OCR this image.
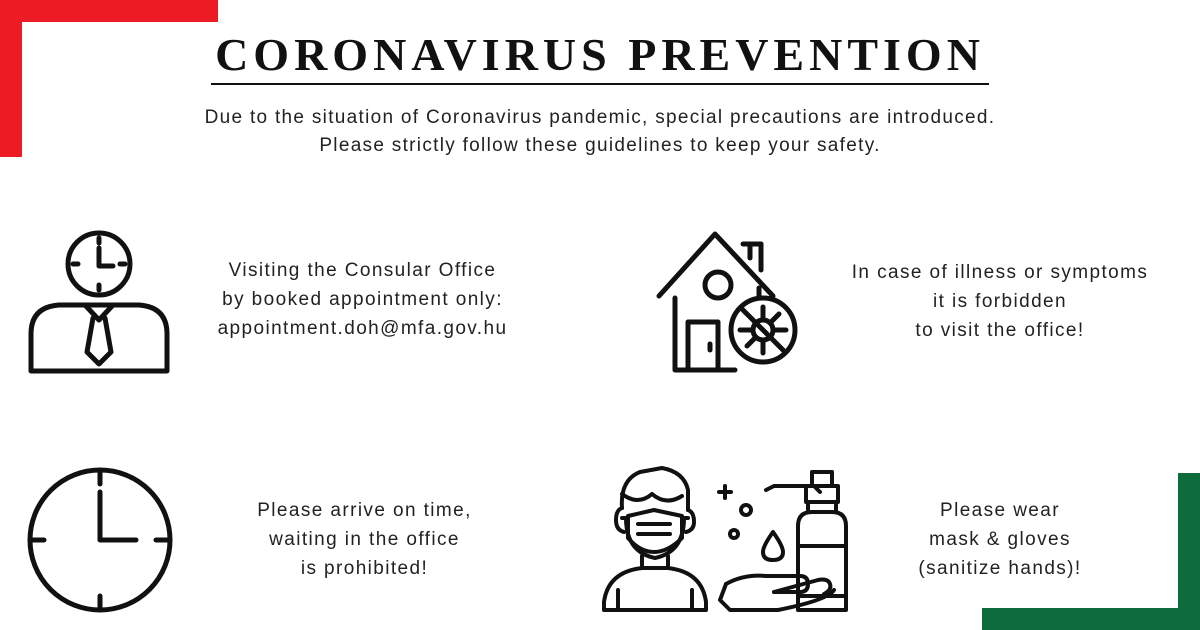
CORONAVIRUS PREVENTION

Due to the situation of Coronavirus pandemic, special precautions are introduced.

Please strictly follow these guidelines to keep your safety.

Visiting the Consular Office

by booked appointment only:

appointment.doh@mfa.gov.hu

In case of illness or symptoms

it is forbidden

to visit the office!

Please arrive on time,

waiting in the office

is prohibited!

Please wear

mask & gloves

(sanitize hands)!
